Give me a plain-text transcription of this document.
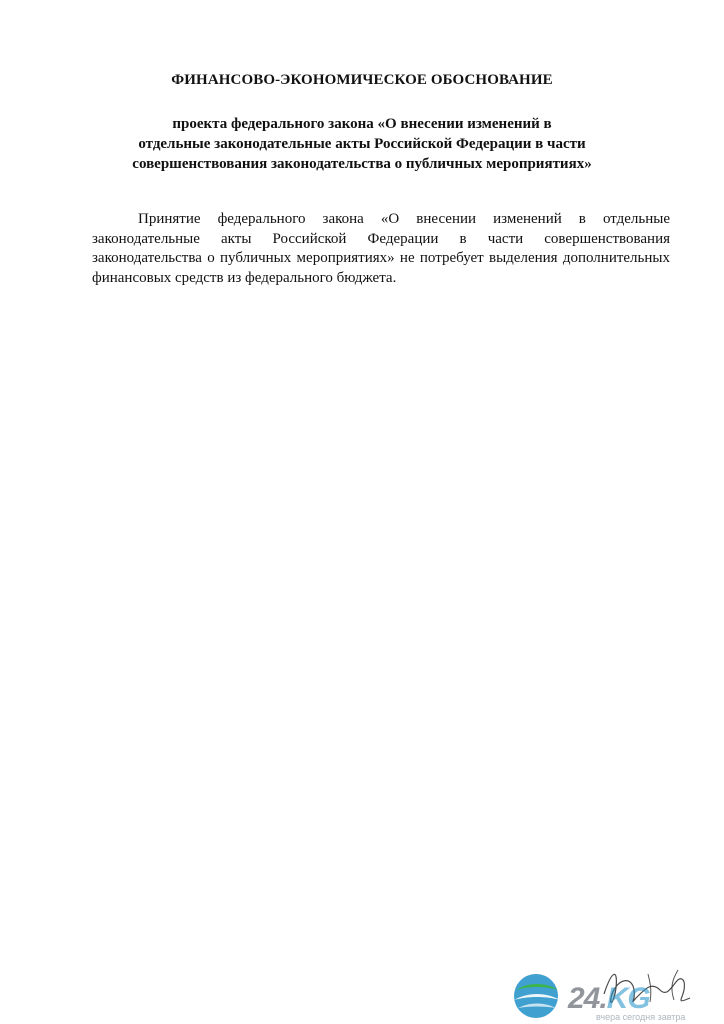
ФИНАНСОВО-ЭКОНОМИЧЕСКОЕ ОБОСНОВАНИЕ
проекта федерального закона «О внесении изменений в
отдельные законодательные акты Российской Федерации в части
совершенствования законодательства о публичных мероприятиях»
Принятие федерального закона «О внесении изменений в отдельные законодательные акты Российской Федерации в части совершенствования законодательства о публичных мероприятиях» не потребует выделения дополнительных финансовых средств из федерального бюджета.
24.KG
вчера сегодня завтра
